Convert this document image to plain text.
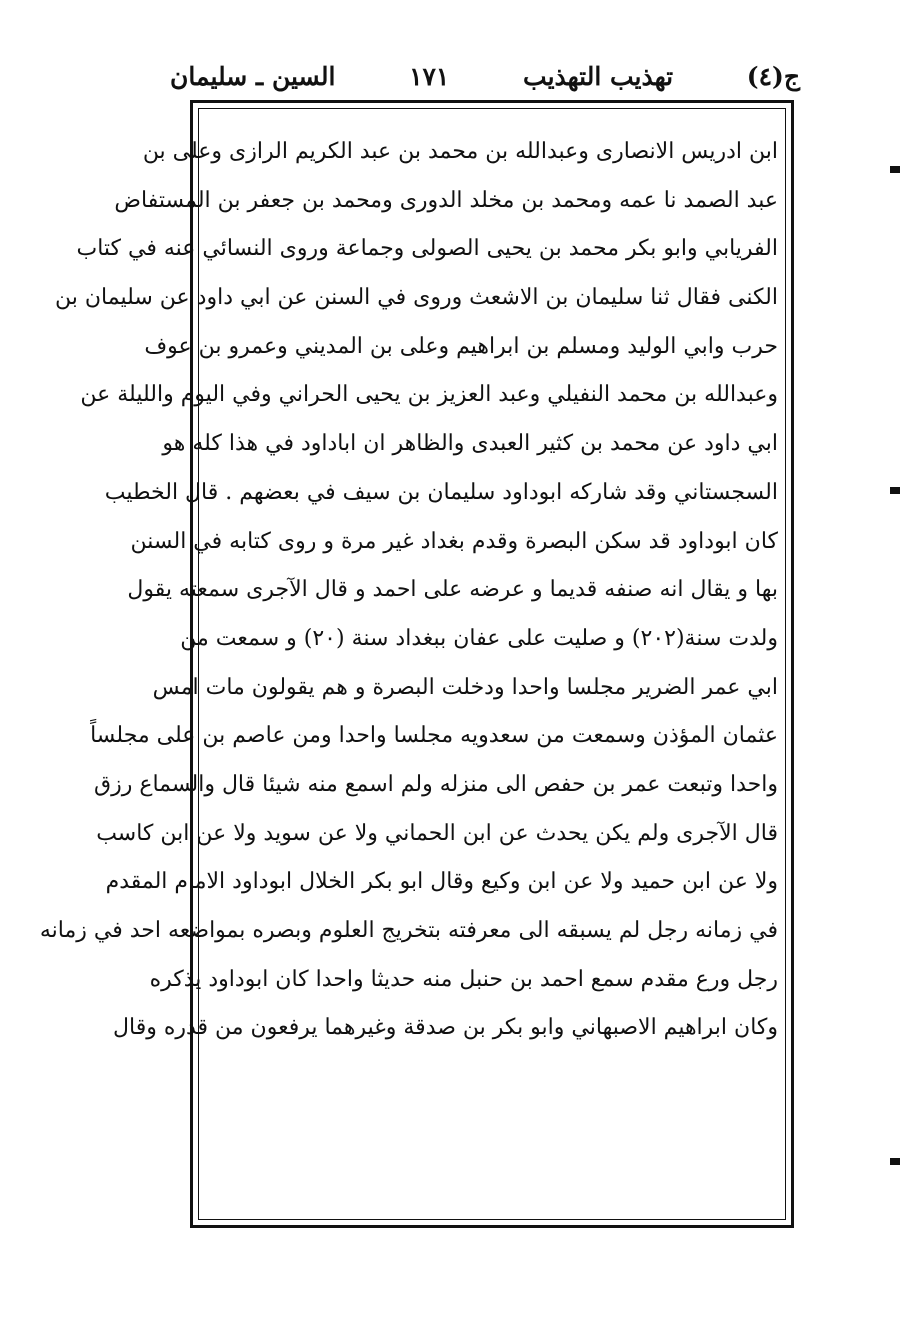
ج(٤)
تهذيب التهذيب
١٧١
السين ـ سليمان
ابن ادريس الانصارى وعبدالله بن محمد بن عبد الكريم الرازى وعلى بن
عبد الصمد نا عمه ومحمد بن مخلد الدورى ومحمد بن جعفر بن المستفاض
الفريابي وابو بكر محمد بن يحيى الصولى وجماعة وروى النسائي عنه في كتاب
الكنى فقال ثنا سليمان بن الاشعث وروى في السنن عن ابي داود عن سليمان بن
حرب وابي الوليد ومسلم بن ابراهيم وعلى بن المديني وعمرو بن عوف
وعبدالله بن محمد النفيلي وعبد العزيز بن يحيى الحراني وفي اليوم والليلة عن
ابي داود عن محمد بن كثير العبدى والظاهر ان اباداود في هذا كله هو
السجستاني وقد شاركه ابوداود سليمان بن سيف في بعضهم . قال الخطيب
كان ابوداود قد سكن البصرة وقدم بغداد غير مرة و روى كتابه في السنن
بها و يقال انه صنفه قديما و عرضه على احمد و قال الآجرى سمعته يقول
ولدت سنة(٢٠٢) و صليت على عفان ببغداد سنة (٢٠) و سمعت من
ابي عمر الضرير مجلسا واحدا ودخلت البصرة و هم يقولون مات امس
عثمان المؤذن وسمعت من سعدويه مجلسا واحدا ومن عاصم بن على مجلساً
واحدا وتبعت عمر بن حفص الى منزله ولم اسمع منه شيئا قال والسماع رزق
قال الآجرى ولم يكن يحدث عن ابن الحماني ولا عن سويد ولا عن ابن كاسب
ولا عن ابن حميد ولا عن ابن وكيع وقال ابو بكر الخلال ابوداود الامام المقدم
في زمانه رجل لم يسبقه الى معرفته بتخريج العلوم وبصره بمواضعه احد في زمانه
رجل ورع مقدم سمع احمد بن حنبل منه حديثا واحدا كان ابوداود يذكره
وكان ابراهيم الاصبهاني وابو بكر بن صدقة وغيرهما يرفعون من قدره وقال
